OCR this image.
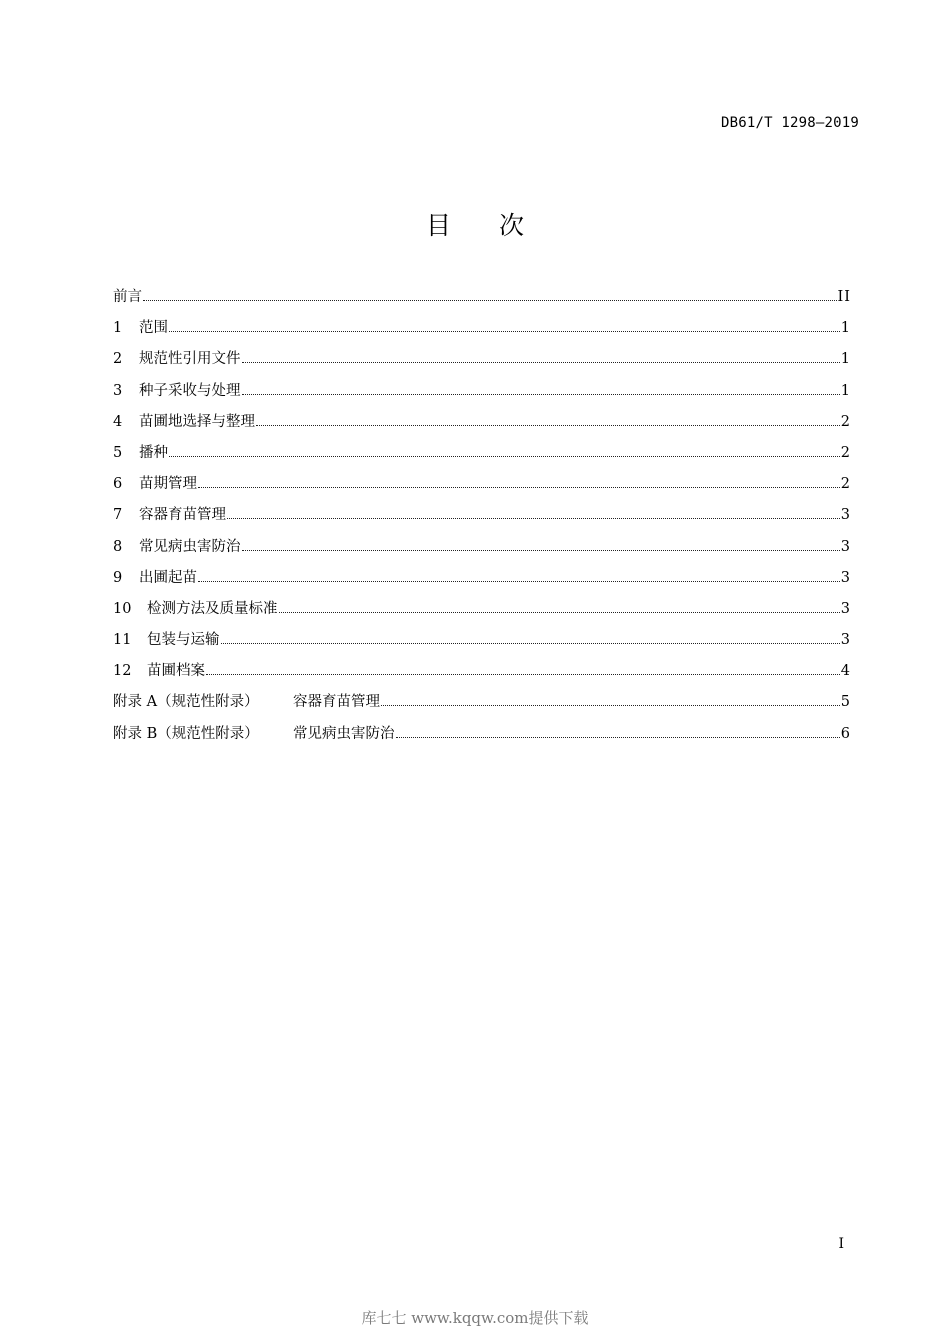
DB61/T 1298—2019
目 次
前言	II
1	范围	1
2	规范性引用文件	1
3	种子采收与处理	1
4	苗圃地选择与整理	2
5	播种	2
6	苗期管理	2
7	容器育苗管理	3
8	常见病虫害防治	3
9	出圃起苗	3
10	检测方法及质量标准	3
11	包装与运输	3
12	苗圃档案	4
附录 A（规范性附录）	容器育苗管理	5
附录 B（规范性附录）	常见病虫害防治	6
I
库七七 www.kqqw.com提供下载
